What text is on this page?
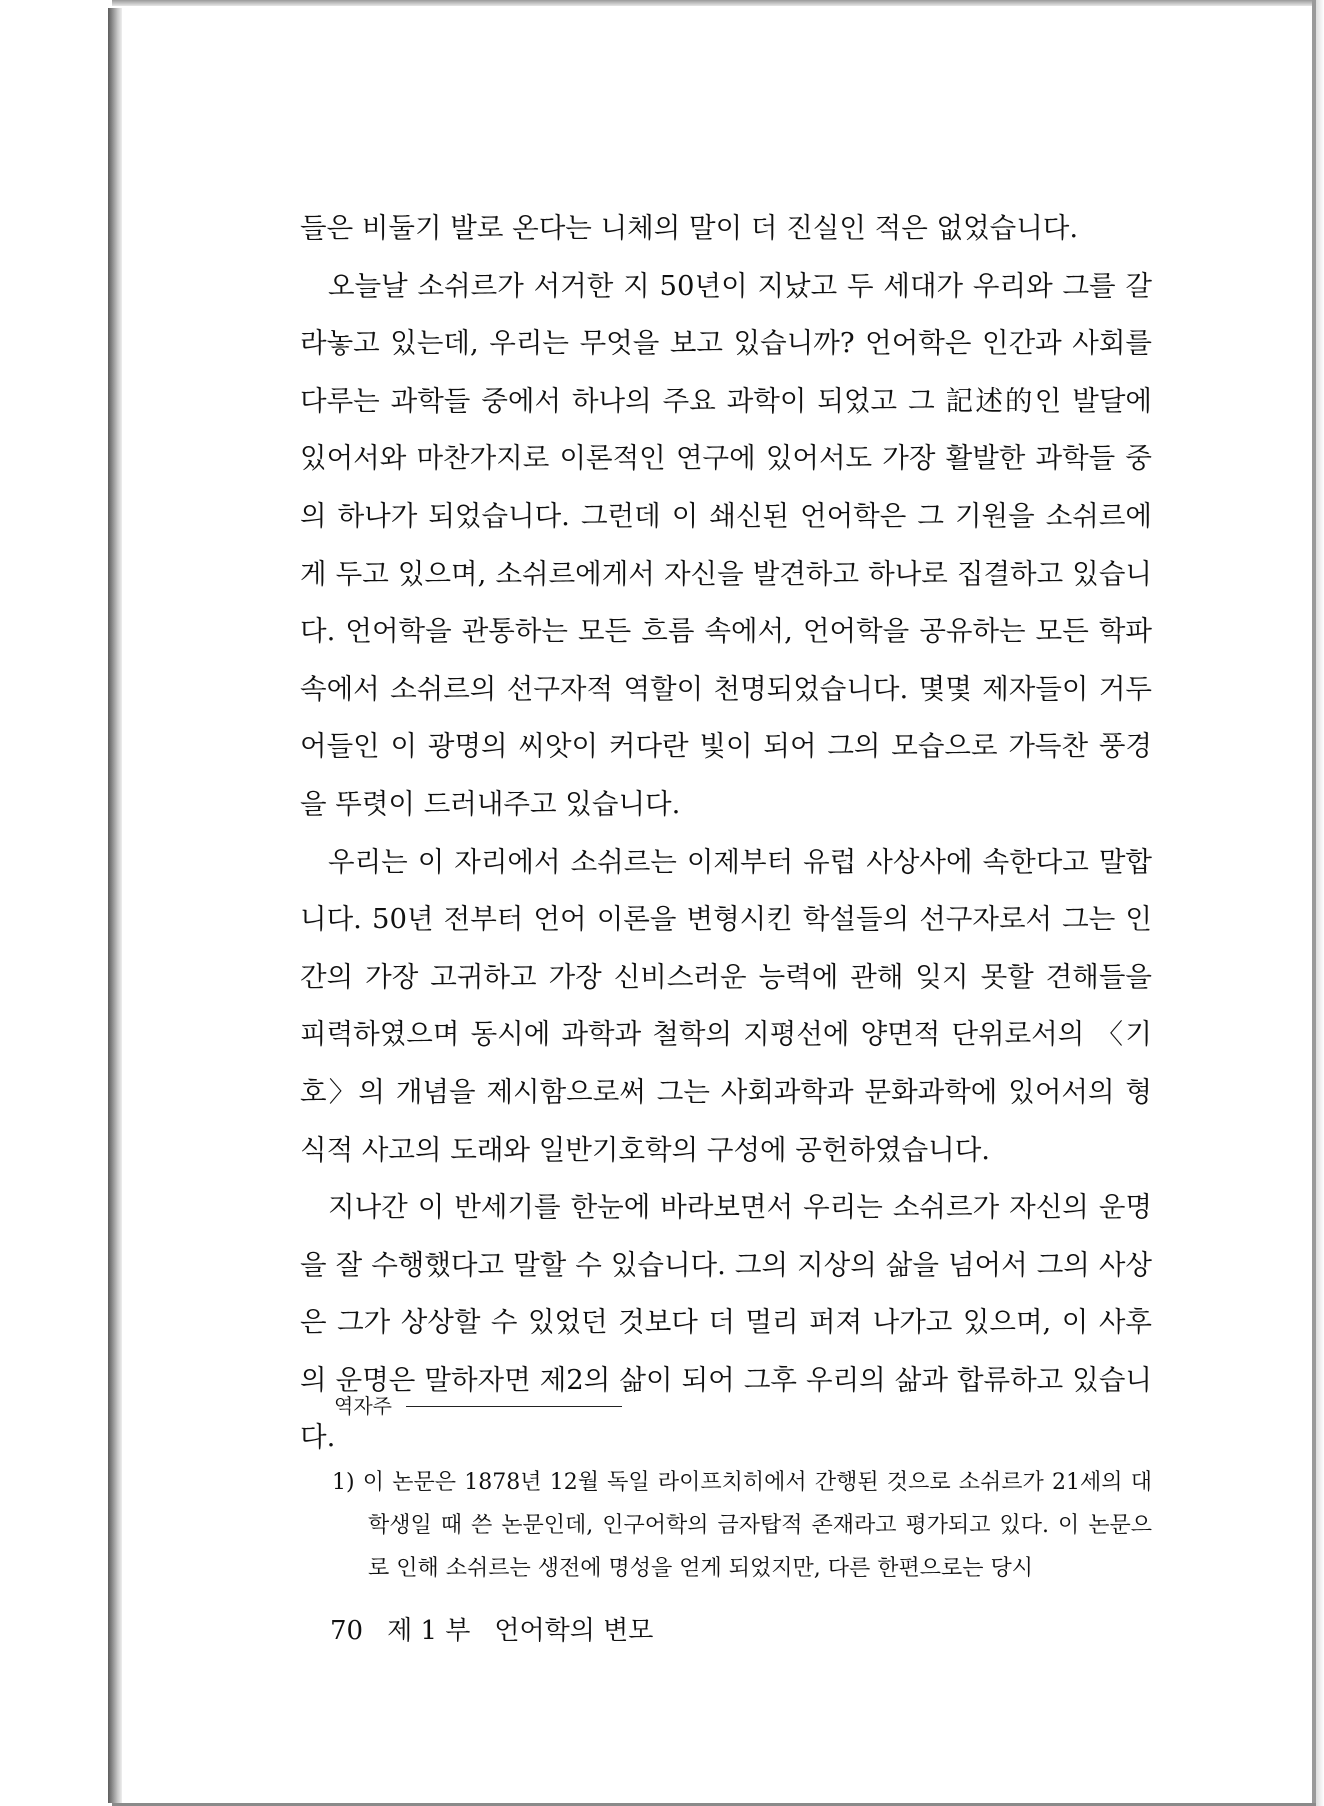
들은 비둘기 발로 온다는 니체의 말이 더 진실인 적은 없었습니다.

오늘날 소쉬르가 서거한 지 50년이 지났고 두 세대가 우리와 그를 갈라놓고 있는데, 우리는 무엇을 보고 있습니까? 언어학은 인간과 사회를 다루는 과학들 중에서 하나의 주요 과학이 되었고 그 記述的인 발달에 있어서와 마찬가지로 이론적인 연구에 있어서도 가장 활발한 과학들 중의 하나가 되었습니다. 그런데 이 쇄신된 언어학은 그 기원을 소쉬르에게 두고 있으며, 소쉬르에게서 자신을 발견하고 하나로 집결하고 있습니다. 언어학을 관통하는 모든 흐름 속에서, 언어학을 공유하는 모든 학파 속에서 소쉬르의 선구자적 역할이 천명되었습니다. 몇몇 제자들이 거두어들인 이 광명의 씨앗이 커다란 빛이 되어 그의 모습으로 가득찬 풍경을 뚜렷이 드러내주고 있습니다.

우리는 이 자리에서 소쉬르는 이제부터 유럽 사상사에 속한다고 말합니다. 50년 전부터 언어 이론을 변형시킨 학설들의 선구자로서 그는 인간의 가장 고귀하고 가장 신비스러운 능력에 관해 잊지 못할 견해들을 피력하였으며 동시에 과학과 철학의 지평선에 양면적 단위로서의 〈기호〉의 개념을 제시함으로써 그는 사회과학과 문화과학에 있어서의 형식적 사고의 도래와 일반기호학의 구성에 공헌하였습니다.

지나간 이 반세기를 한눈에 바라보면서 우리는 소쉬르가 자신의 운명을 잘 수행했다고 말할 수 있습니다. 그의 지상의 삶을 넘어서 그의 사상은 그가 상상할 수 있었던 것보다 더 멀리 퍼져 나가고 있으며, 이 사후의 운명은 말하자면 제2의 삶이 되어 그후 우리의 삶과 합류하고 있습니다.

역자주

1) 이 논문은 1878년 12월 독일 라이프치히에서 간행된 것으로 소쉬르가 21세의 대학생일 때 쓴 논문인데, 인구어학의 금자탑적 존재라고 평가되고 있다. 이 논문으로 인해 소쉬르는 생전에 명성을 얻게 되었지만, 다른 한편으로는 당시

70 제 1 부 언어학의 변모
